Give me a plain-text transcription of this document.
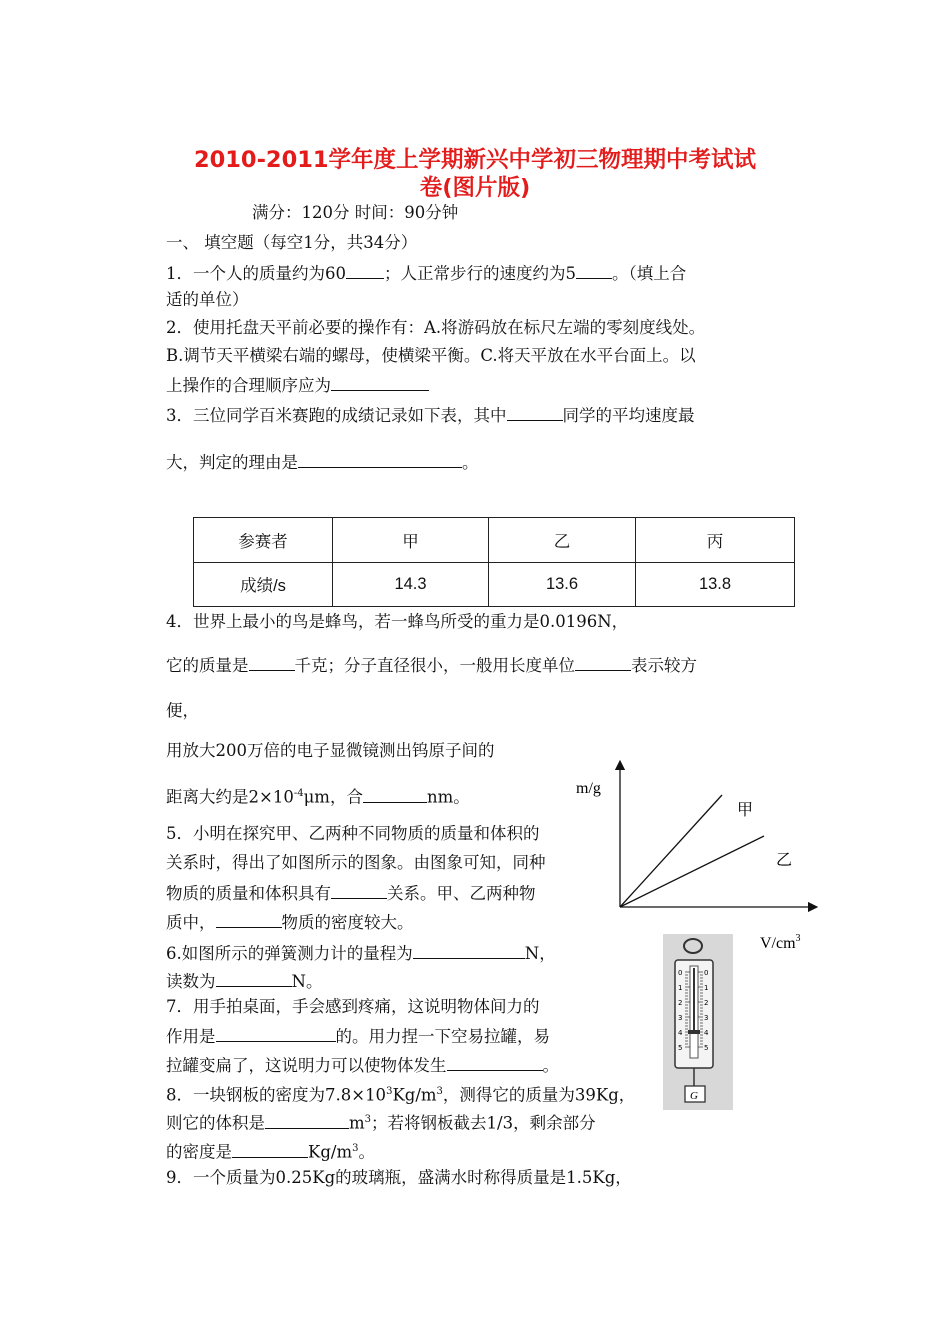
2010-2011学年度上学期新兴中学初三物理期中考试试
卷(图片版)
满分：120分 时间：90分钟
一、 填空题（每空1分，共34分）
1．一个人的质量约为60 ；人正常步行的速度约为5 。（填上合
适的单位）
2．使用托盘天平前必要的操作有：A.将游码放在标尺左端的零刻度线处。
B.调节天平横梁右端的螺母，使横梁平衡。C.将天平放在水平台面上。以
上操作的合理顺序应为
3．三位同学百米赛跑的成绩记录如下表，其中	同学的平均速度最
大，判定的理由是	。
参赛者	甲	乙	丙
成绩/s	14.3	13.6	13.8
4．世界上最小的鸟是蜂鸟，若一蜂鸟所受的重力是0.0196N，
它的质量是	千克；分子直径很小，一般用长度单位	表示较方
便，
用放大200万倍的电子显微镜测出钨原子间的
距离大约是$2\times 10^{-4}\mu m$，合	nm。
5．小明在探究甲、乙两种不同物质的质量和体积的
关系时，得出了如图所示的图象。由图象可知，同种
物质的质量和体积具有	关系。甲、乙两种物
质中，	物质的密度较大。
m/g
甲
乙
$V/cm^3$
6.如图所示的弹簧测力计的量程为	N，
读数为	N。	0	0
1	1
2	2
3	3
4	4
5	5
G
7．用手拍桌面，手会感到疼痛，这说明物体间力的
作用是	的。用力捏一下空易拉罐，易
拉罐变扁了，这说明力可以使物体发生	。
8．一块钢板的密度为$7.8\times 10^3Kg/m^3$，测得它的质量为39Kg，
则它的体积是	$m^3$；若将钢板截去1/3，剩余部分
的密度是	$Kg/m^3$。
9．一个质量为0.25Kg的玻璃瓶，盛满水时称得质量是1.5Kg，
